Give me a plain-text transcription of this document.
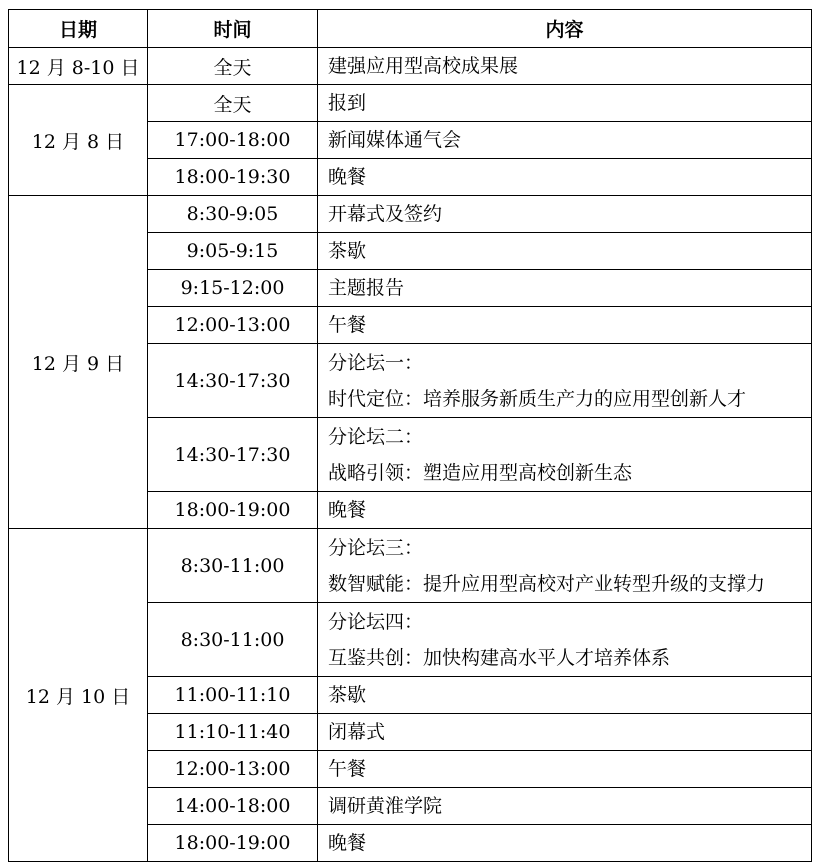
日期	时间	内容
12 月 8-10 日	全天	建强应用型高校成果展

12 月 8 日	全天	报到

	17:00-18:00	新闻媒体通气会

	18:00-19:30	晚餐

12 月 9 日	8:30-9:05	开幕式及签约

	9:05-9:15	茶歇

	9:15-12:00	主题报告

	12:00-13:00	午餐

	14:30-17:30	分论坛一：
时代定位：培养服务新质生产力的应用型创新人才

	14:30-17:30	分论坛二：
战略引领：塑造应用型高校创新生态

	18:00-19:00	晚餐

12 月 10 日	8:30-11:00	分论坛三：
数智赋能：提升应用型高校对产业转型升级的支撑力

	8:30-11:00	分论坛四：
互鉴共创：加快构建高水平人才培养体系

	11:00-11:10	茶歇

	11:10-11:40	闭幕式

	12:00-13:00	午餐

	14:00-18:00	调研黄淮学院

	18:00-19:00	晚餐
